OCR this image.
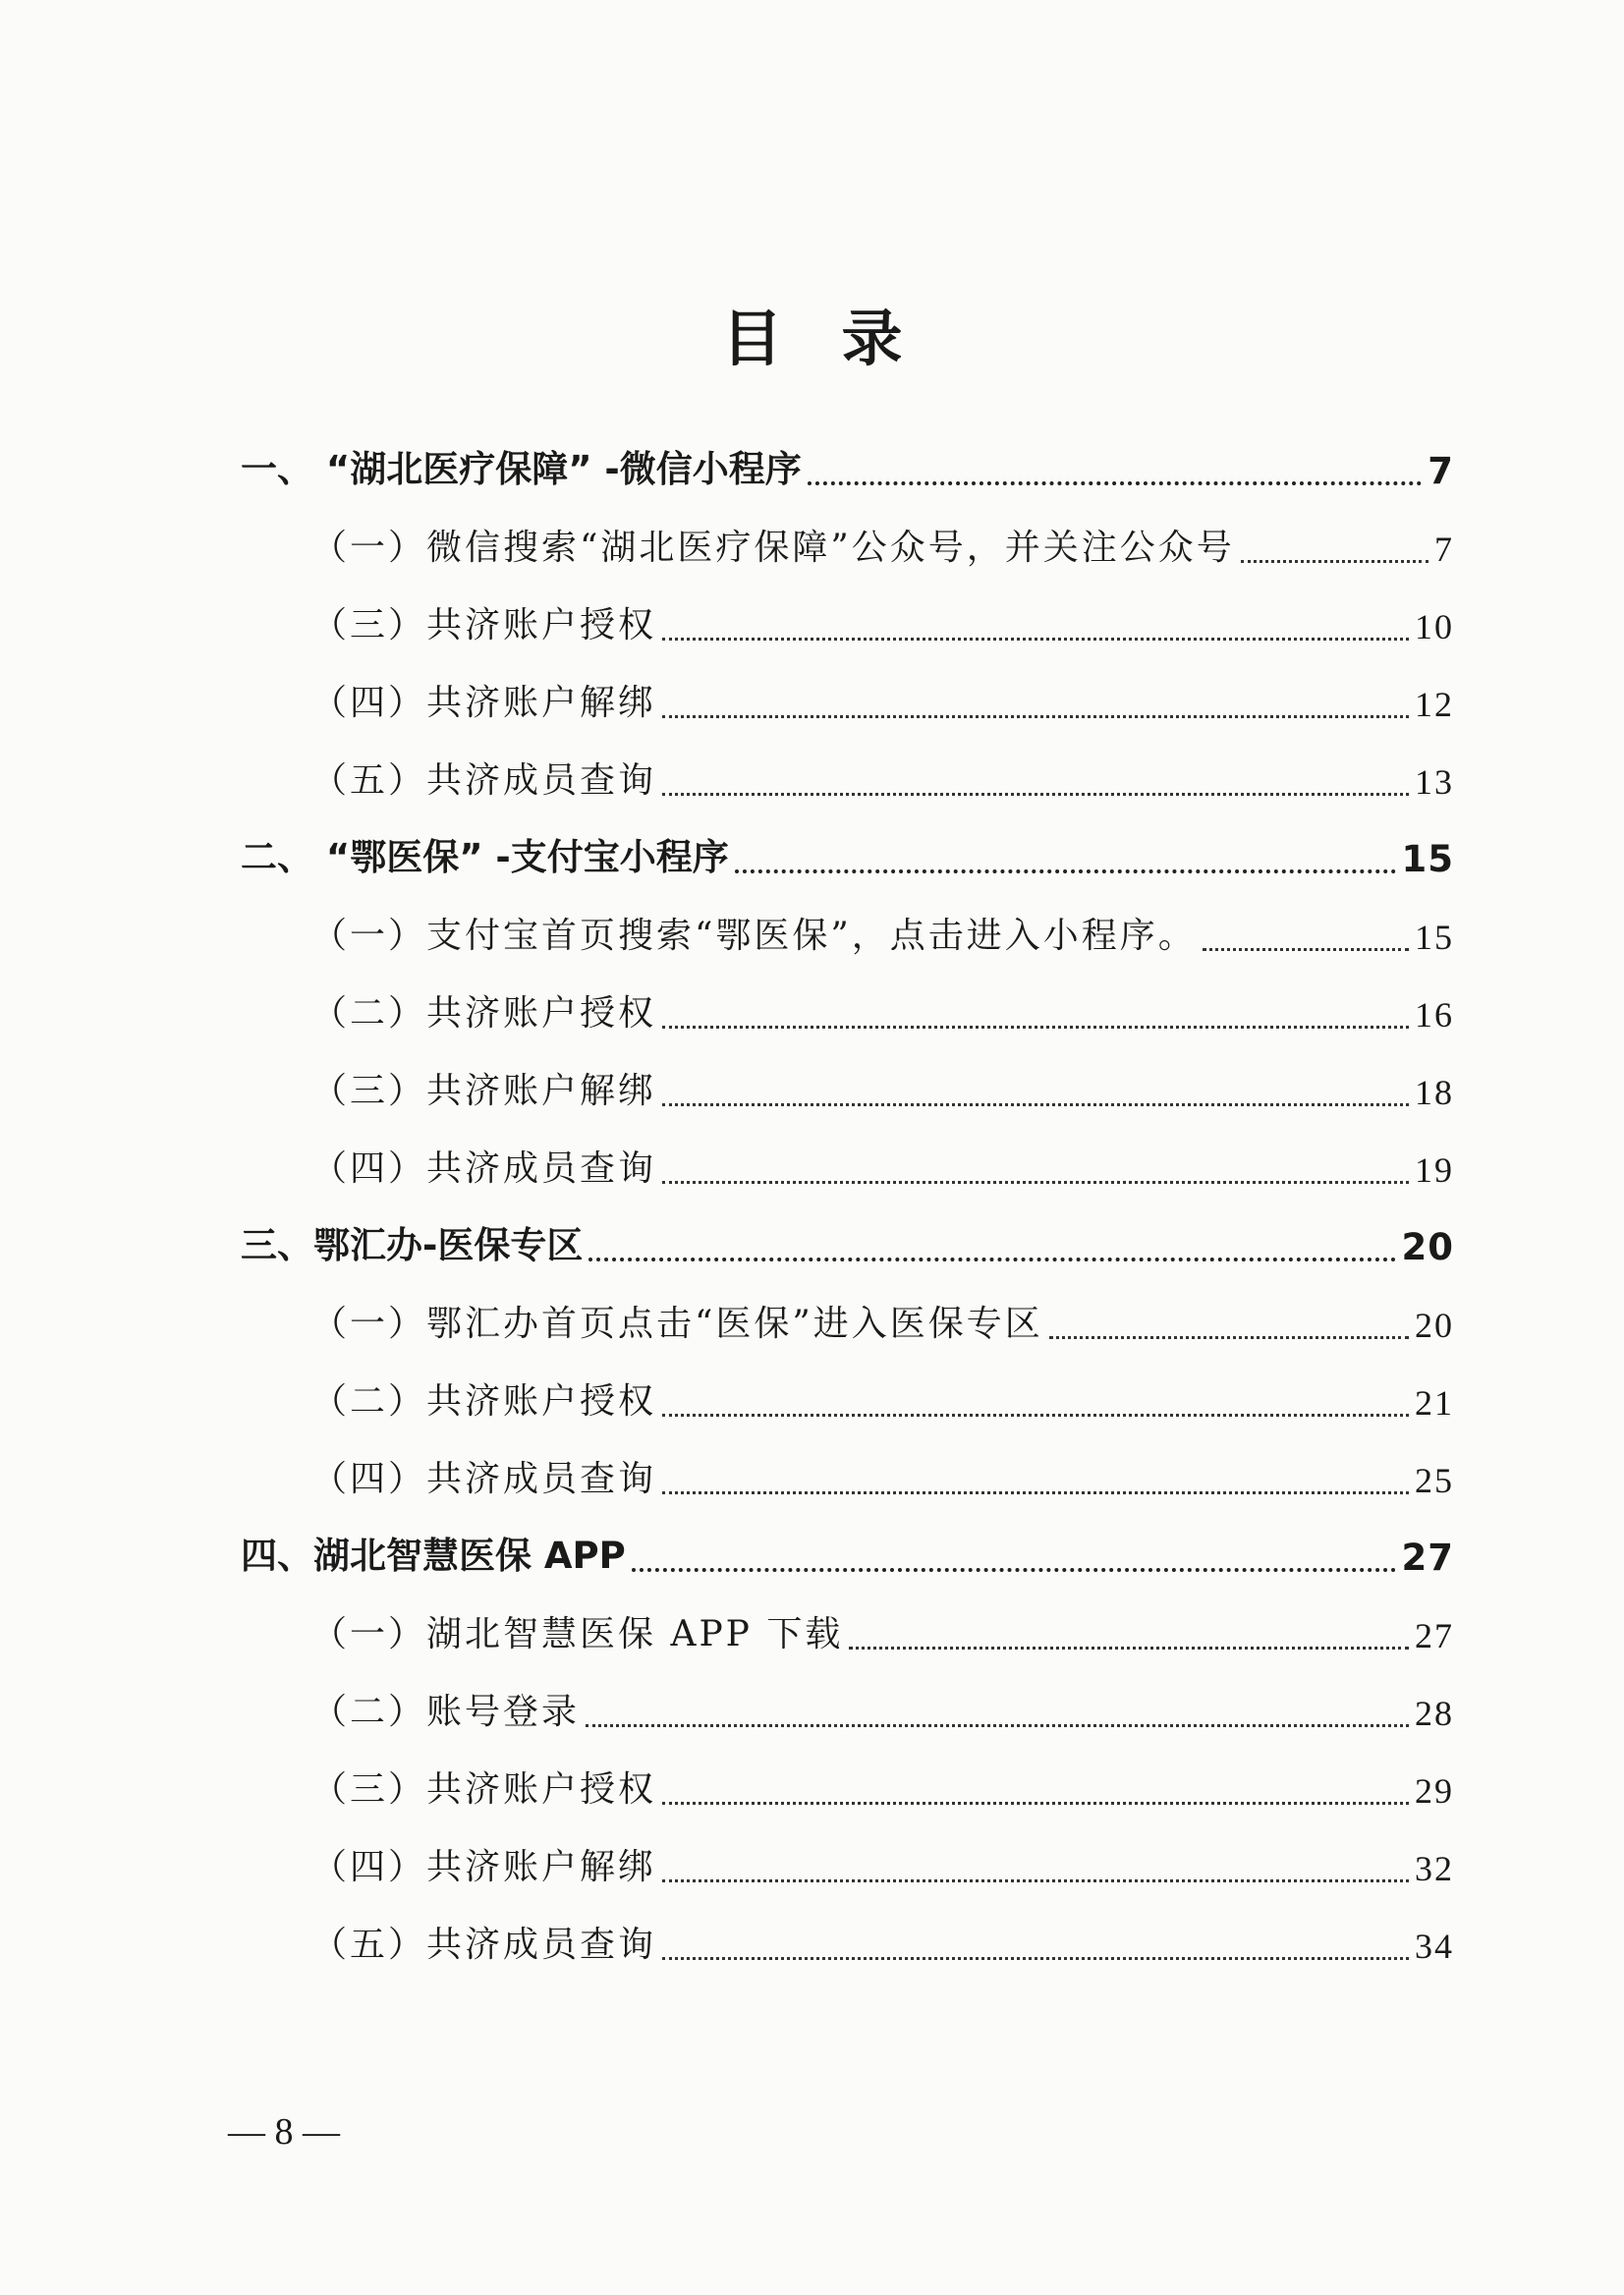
目录
一、 “湖北医疗保障” -微信小程序	7
（一）微信搜索“湖北医疗保障”公众号，并关注公众号	7
（三）共济账户授权	10
（四）共济账户解绑	12
（五）共济成员查询	13
二、 “鄂医保” -支付宝小程序	15
（一）支付宝首页搜索“鄂医保”，点击进入小程序。	15
（二）共济账户授权	16
（三）共济账户解绑	18
（四）共济成员查询	19
三、鄂汇办-医保专区	20
（一）鄂汇办首页点击“医保”进入医保专区	20
（二）共济账户授权	21
（四）共济成员查询	25
四、湖北智慧医保 APP	27
（一）湖北智慧医保 APP 下载	27
（二）账号登录	28
（三）共济账户授权	29
（四）共济账户解绑	32
（五）共济成员查询	34
— 8 —
